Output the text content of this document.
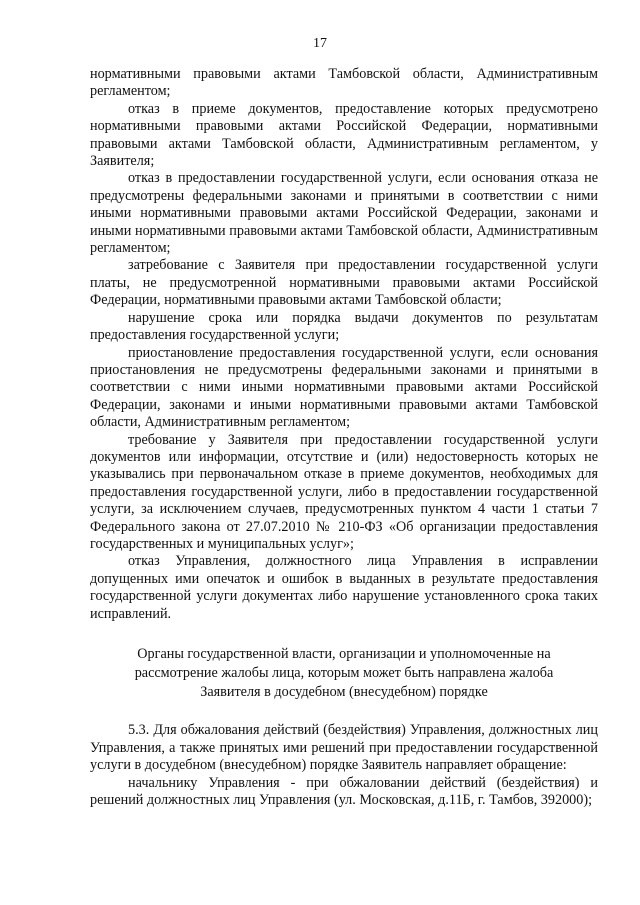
17

нормативными правовыми актами Тамбовской области, Административным регламентом;

отказ в приеме документов, предоставление которых предусмотрено нормативными правовыми актами Российской Федерации, нормативными правовыми актами Тамбовской области, Административным регламентом, у Заявителя;

отказ в предоставлении государственной услуги, если основания отказа не предусмотрены федеральными законами и принятыми в соответствии с ними иными нормативными правовыми актами Российской Федерации, законами и иными нормативными правовыми актами Тамбовской области, Административным регламентом;

затребование с Заявителя при предоставлении государственной услуги платы, не предусмотренной нормативными правовыми актами Российской Федерации, нормативными правовыми актами Тамбовской области;

нарушение срока или порядка выдачи документов по результатам предоставления государственной услуги;

приостановление предоставления государственной услуги, если основания приостановления не предусмотрены федеральными законами и принятыми в соответствии с ними иными нормативными правовыми актами Российской Федерации, законами и иными нормативными правовыми актами Тамбовской области, Административным регламентом;

требование у Заявителя при предоставлении государственной услуги документов или информации, отсутствие и (или) недостоверность которых не указывались при первоначальном отказе в приеме документов, необходимых для предоставления государственной услуги, либо в предоставлении государственной услуги, за исключением случаев, предусмотренных пунктом 4 части 1 статьи 7 Федерального закона от 27.07.2010 № 210-ФЗ «Об организации предоставления государственных и муниципальных услуг»;

отказ Управления, должностного лица Управления в исправлении допущенных ими опечаток и ошибок в выданных в результате предоставления государственной услуги документах либо нарушение установленного срока таких исправлений.

Органы государственной власти, организации и уполномоченные на
рассмотрение жалобы лица, которым может быть направлена жалоба
Заявителя в досудебном (внесудебном) порядке

5.3. Для обжалования действий (бездействия) Управления, должностных лиц Управления, а также принятых ими решений при предоставлении государственной услуги в досудебном (внесудебном) порядке Заявитель направляет обращение:

начальнику Управления - при обжаловании действий (бездействия) и решений должностных лиц Управления (ул. Московская, д.11Б, г. Тамбов, 392000);
